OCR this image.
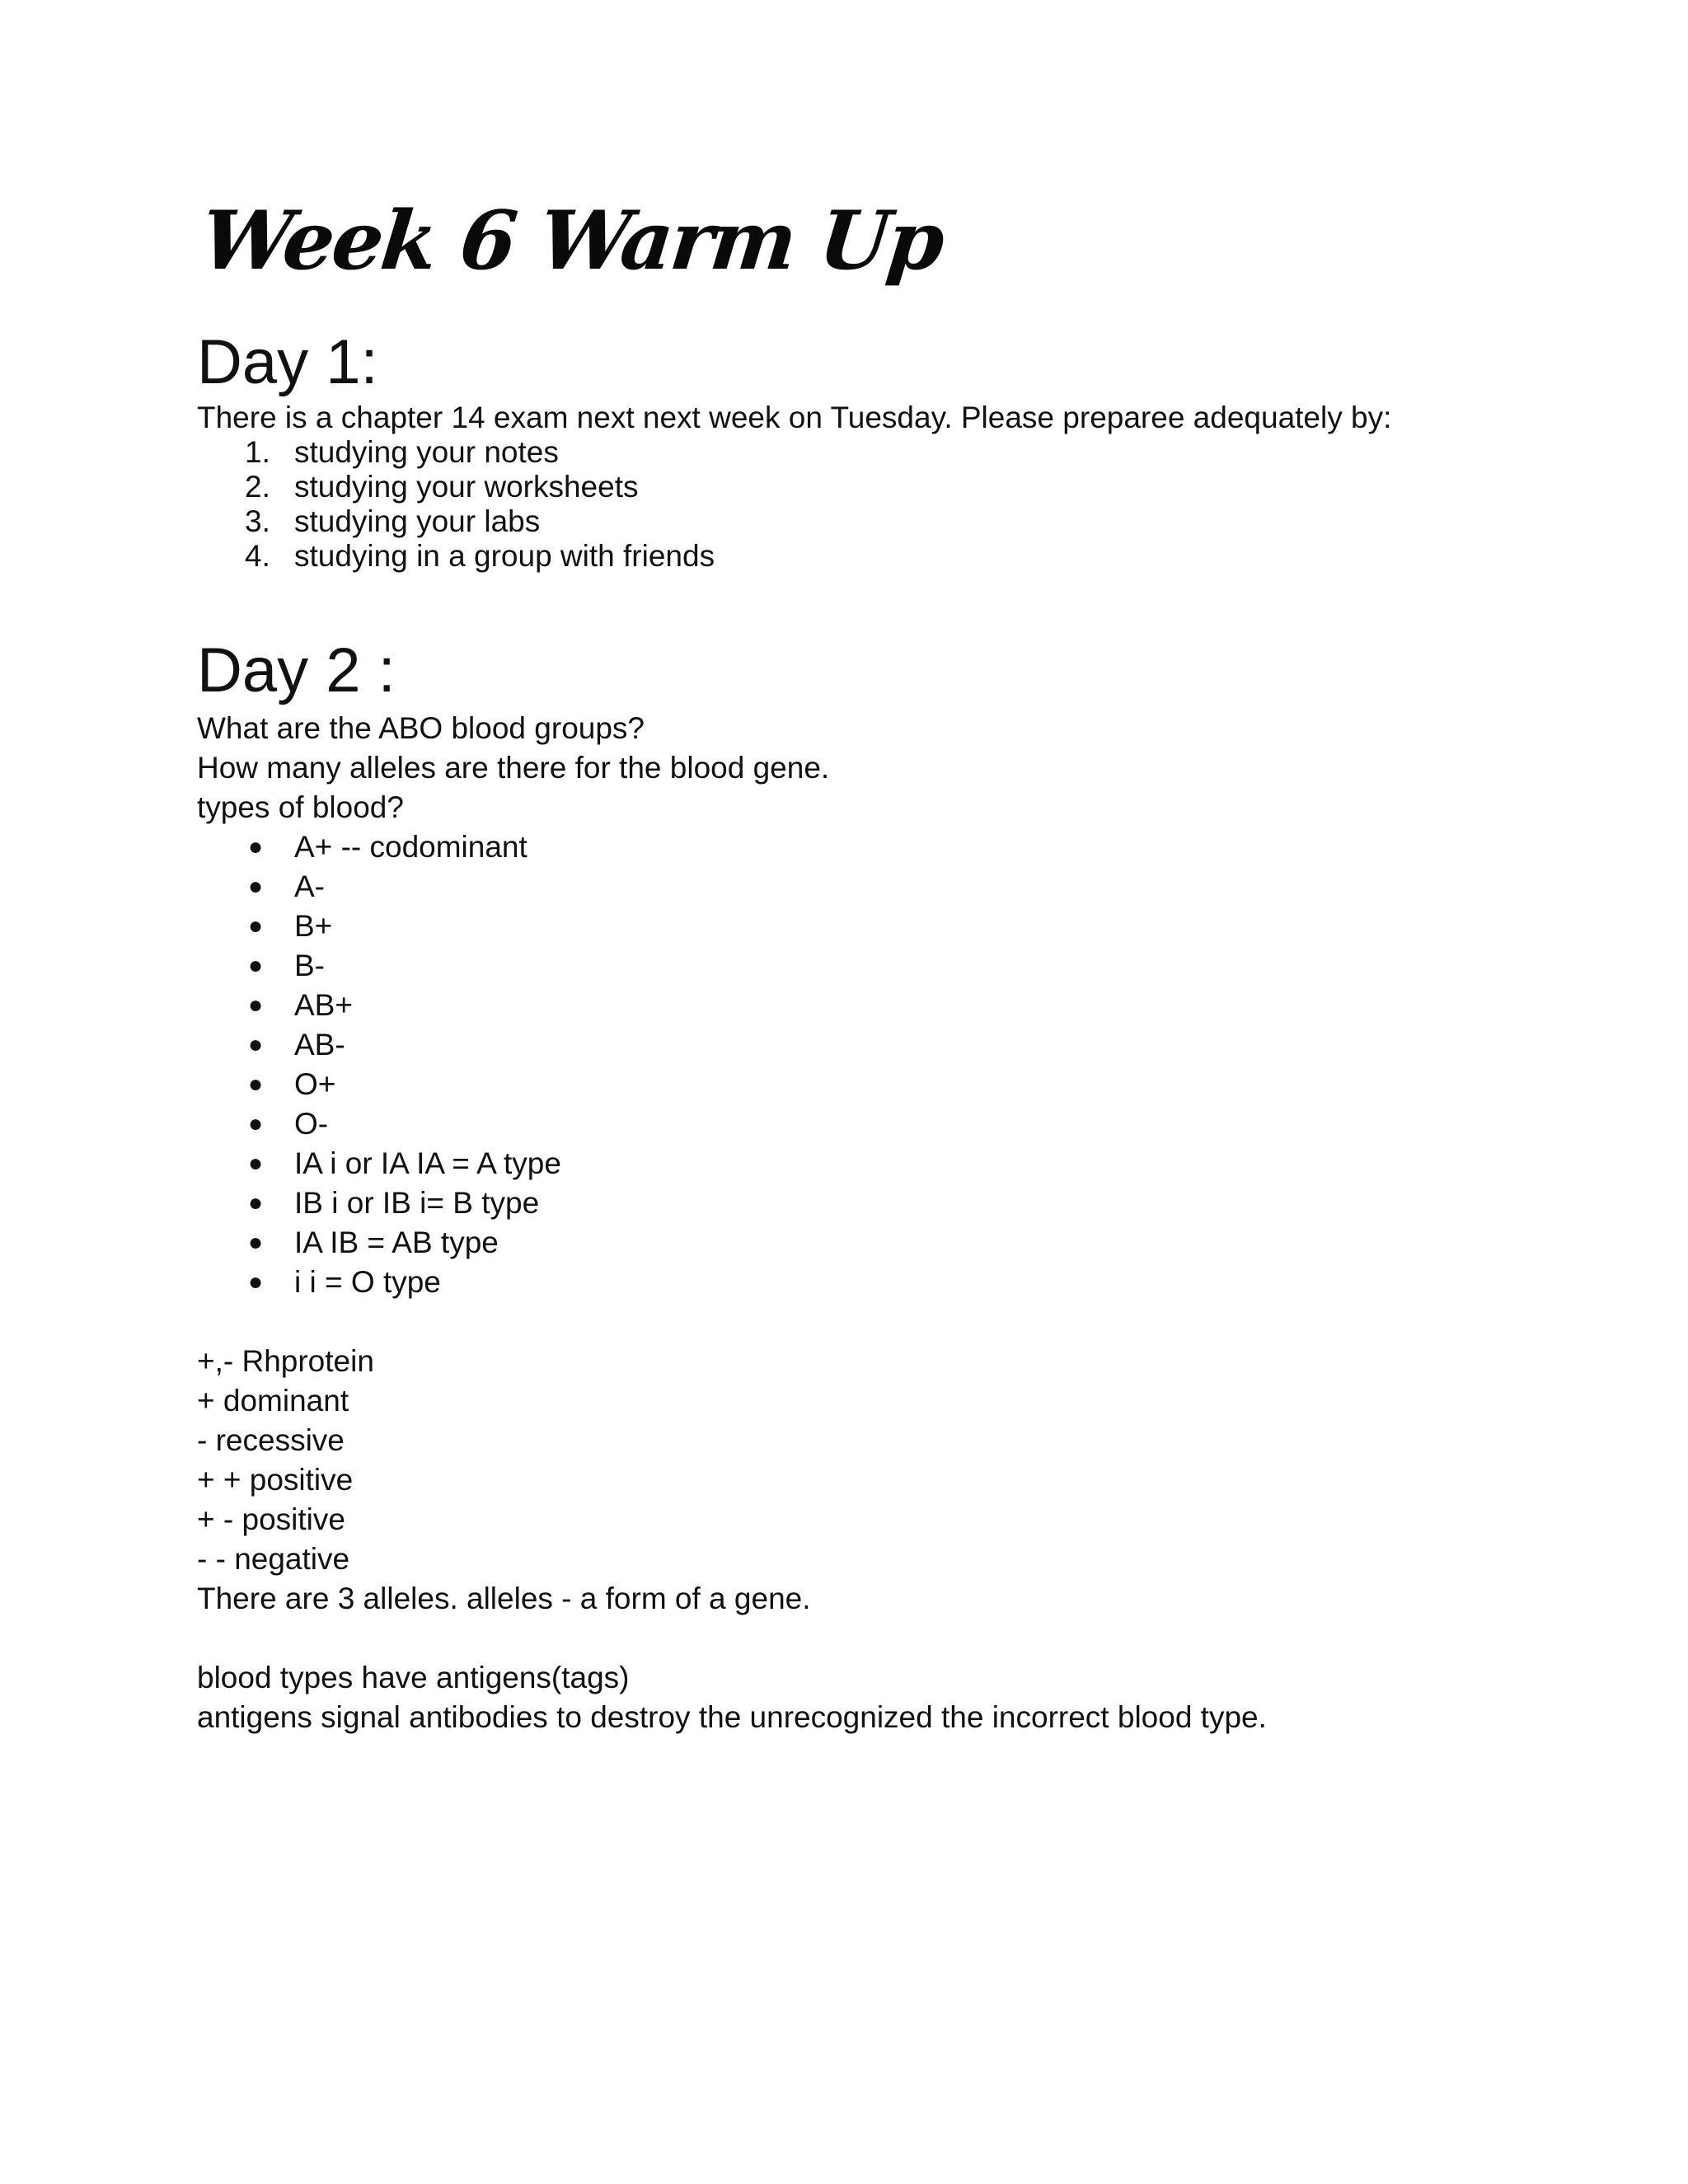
Week 6 Warm Up
Day 1:

There is a chapter 14 exam next next week on Tuesday. Please preparee adequately by:

1. studying your notes
2. studying your worksheets
3. studying your labs
4. studying in a group with friends
Day 2 :

What are the ABO blood groups?

How many alleles are there for the blood gene.

types of blood?

● A+ -- codominant
● A-
● B+
● B-
● AB+
● AB-
● O+
● O-
● IA i or IA IA = A type
● IB i or IB i= B type
● IA IB = AB type
● i i = O type

+,- Rhprotein

+ dominant

- recessive

+ + positive

+ - positive

- - negative

There are 3 alleles. alleles - a form of a gene.

blood types have antigens(tags)

antigens signal antibodies to destroy the unrecognized the incorrect blood type.
